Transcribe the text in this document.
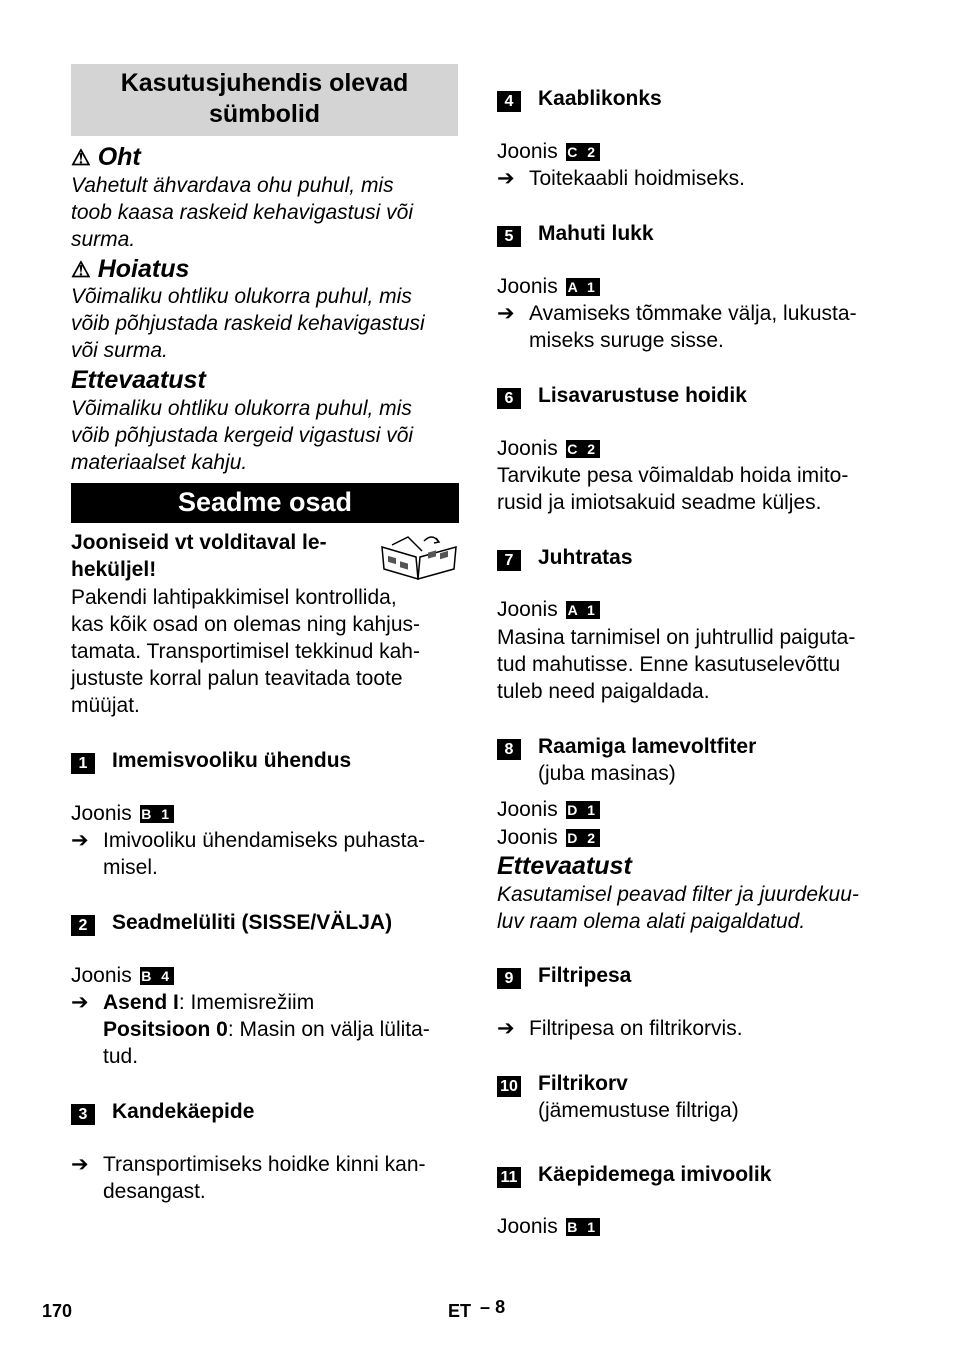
Kasutusjuhendis olevad sümbolid
⚠ Oht
Vahetult ähvardava ohu puhul, mis
toob kaasa raskeid kehavigastusi või
surma.
⚠ Hoiatus
Võimaliku ohtliku olukorra puhul, mis
võib põhjustada raskeid kehavigastusi
või surma.
Ettevaatust
Võimaliku ohtliku olukorra puhul, mis
võib põhjustada kergeid vigastusi või
materiaalset kahju.
Seadme osad
Jooniseid vt volditaval le-
heküljel!
Pakendi lahtipakkimisel kontrollida,
kas kõik osad on olemas ning kahjus-
tamata. Transportimisel tekkinud kah-
justuste korral palun teavitada toote
müüjat.
1	Imemisvooliku ühendus
Joonis B 1
➔ Imivooliku ühendamiseks puhasta-
misel.
2	Seadmelüliti (SISSE/VÄLJA)
Joonis B 4
➔ Asend I: Imemisrežiim
Positsioon 0: Masin on välja lülita-
tud.
3	Kandekäepide
➔ Transportimiseks hoidke kinni kan-
desangast.
4	Kaablikonks
Joonis C 2
➔ Toitekaabli hoidmiseks.
5	Mahuti lukk
Joonis A 1
➔ Avamiseks tõmmake välja, lukusta-
miseks suruge sisse.
6	Lisavarustuse hoidik
Joonis C 2
Tarvikute pesa võimaldab hoida imito-
rusid ja imiotsakuid seadme küljes.
7	Juhtratas
Joonis A 1
Masina tarnimisel on juhtrullid paiguta-
tud mahutisse. Enne kasutuselevõttu
tuleb need paigaldada.
8	Raamiga lamevoltfiter
(juba masinas)
Joonis D 1
Joonis D 2
Ettevaatust
Kasutamisel peavad filter ja juurdekuu-
luv raam olema alati paigaldatud.
9	Filtripesa
➔ Filtripesa on filtrikorvis.
10 Filtrikorv
(jämemustuse filtriga)
11 Käepidemega imivoolik
Joonis B 1
170	ET – 8
